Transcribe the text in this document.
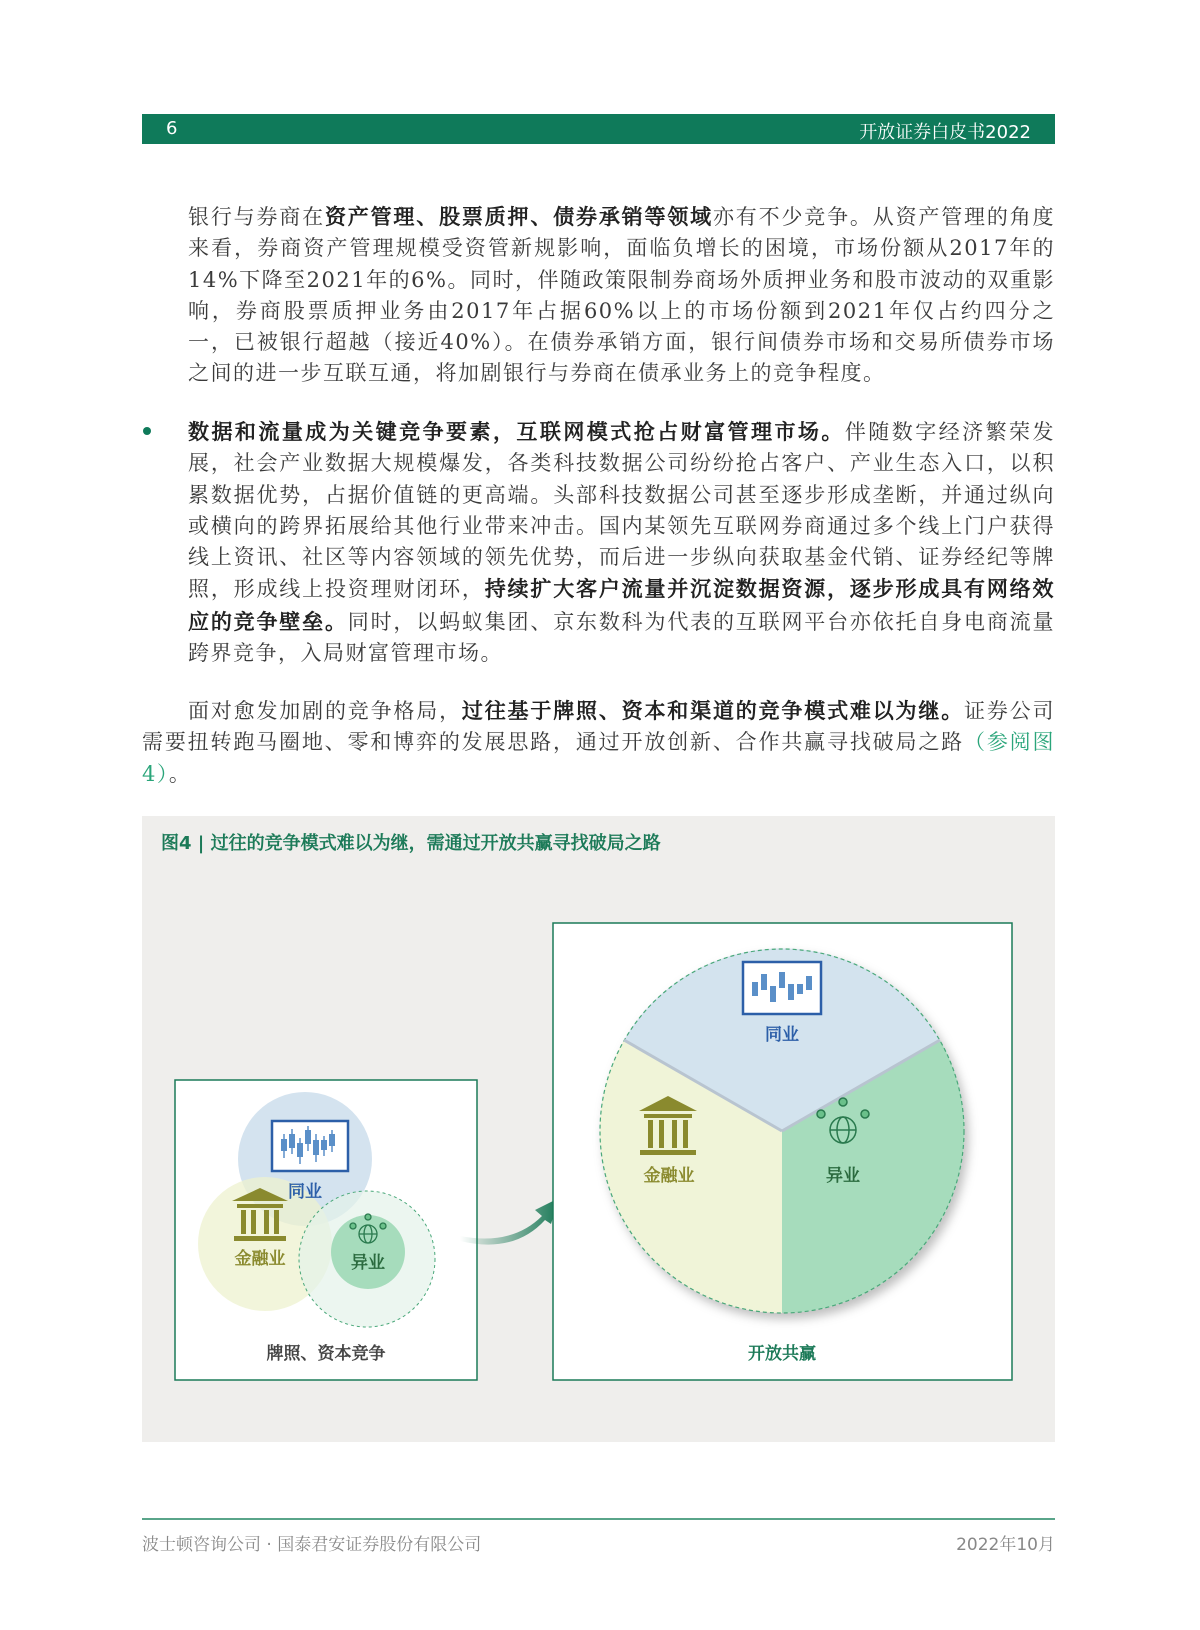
6	开放证券白皮书2022

银行与券商在资产管理、股票质押、债券承销等领域亦有不少竞争。从资产管理的角度来看，券商资产管理规模受资管新规影响，面临负增长的困境，市场份额从2017年的14%下降至2021年的6%。同时，伴随政策限制券商场外质押业务和股市波动的双重影响，券商股票质押业务由2017年占据60%以上的市场份额到2021年仅占约四分之一，已被银行超越（接近40%）。在债券承销方面，银行间债券市场和交易所债券市场之间的进一步互联互通，将加剧银行与券商在债承业务上的竞争程度。

数据和流量成为关键竞争要素，互联网模式抢占财富管理市场。伴随数字经济繁荣发展，社会产业数据大规模爆发，各类科技数据公司纷纷抢占客户、产业生态入口，以积累数据优势，占据价值链的更高端。头部科技数据公司甚至逐步形成垄断，并通过纵向或横向的跨界拓展给其他行业带来冲击。国内某领先互联网券商通过多个线上门户获得线上资讯、社区等内容领域的领先优势，而后进一步纵向获取基金代销、证券经纪等牌照，形成线上投资理财闭环，持续扩大客户流量并沉淀数据资源，逐步形成具有网络效应的竞争壁垒。同时，以蚂蚁集团、京东数科为代表的互联网平台亦依托自身电商流量跨界竞争，入局财富管理市场。

面对愈发加剧的竞争格局，过往基于牌照、资本和渠道的竞争模式难以为继。证券公司需要扭转跑马圈地、零和博弈的发展思路，通过开放创新、合作共赢寻找破局之路（参阅图4）。

图4 | 过往的竞争模式难以为继，需通过开放共赢寻找破局之路
同业
金融业	异业
牌照、资本竞争
同业
金融业	异业
开放共赢
波士顿咨询公司 · 国泰君安证券股份有限公司	2022年10月
